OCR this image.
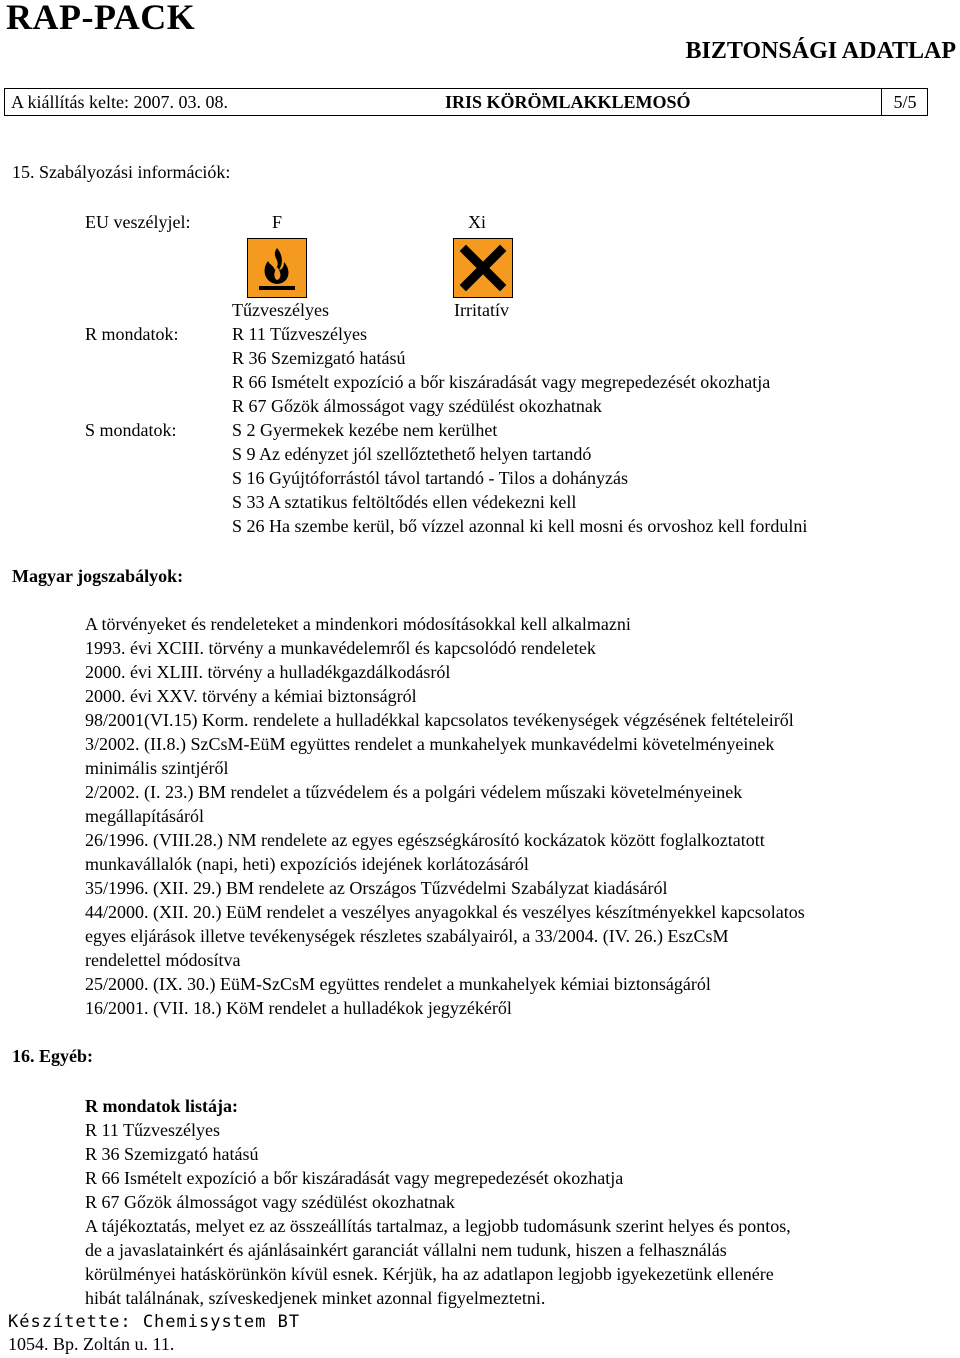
RAP-PACK
BIZTONSÁGI ADATLAP
A kiállítás kelte: 2007. 03. 08.	IRIS KÖRÖMLAKKLEMOSÓ	5/5
15. Szabályozási információk:
EU veszélyjel:	F	Xi
Tűzveszélyes	Irritatív
R mondatok:	R 11 Tűzveszélyes
R 36 Szemizgató hatású
R 66 Ismételt expozíció a bőr kiszáradását vagy megrepedezését okozhatja
R 67 Gőzök álmosságot vagy szédülést okozhatnak
S mondatok:	S 2 Gyermekek kezébe nem kerülhet
S 9 Az edényzet jól szellőztethető helyen tartandó
S 16 Gyújtóforrástól távol tartandó - Tilos a dohányzás
S 33 A sztatikus feltöltődés ellen védekezni kell
S 26 Ha szembe kerül, bő vízzel azonnal ki kell mosni és orvoshoz kell fordulni
Magyar jogszabályok:
A törvényeket és rendeleteket a mindenkori módosításokkal kell alkalmazni
1993. évi XCIII. törvény a munkavédelemről és kapcsolódó rendeletek
2000. évi XLIII. törvény a hulladékgazdálkodásról
2000. évi XXV. törvény a kémiai biztonságról
98/2001(VI.15) Korm. rendelete a hulladékkal kapcsolatos tevékenységek végzésének feltételeiről
3/2002. (II.8.) SzCsM-EüM együttes rendelet a munkahelyek munkavédelmi követelményeinek
minimális szintjéről
2/2002. (I. 23.) BM rendelet a tűzvédelem és a polgári védelem műszaki követelményeinek
megállapításáról
26/1996. (VIII.28.) NM rendelete az egyes egészségkárosító kockázatok között foglalkoztatott
munkavállalók (napi, heti) expozíciós idejének korlátozásáról
35/1996. (XII. 29.) BM rendelete az Országos Tűzvédelmi Szabályzat kiadásáról
44/2000. (XII. 20.) EüM rendelet a veszélyes anyagokkal és veszélyes készítményekkel kapcsolatos
egyes eljárások illetve tevékenységek részletes szabályairól, a 33/2004. (IV. 26.) EszCsM
rendelettel módosítva
25/2000. (IX. 30.) EüM-SzCsM együttes rendelet a munkahelyek kémiai biztonságáról
16/2001. (VII. 18.) KöM rendelet a hulladékok jegyzékéről
16. Egyéb:
R mondatok listája:
R 11 Tűzveszélyes
R 36 Szemizgató hatású
R 66 Ismételt expozíció a bőr kiszáradását vagy megrepedezését okozhatja
R 67 Gőzök álmosságot vagy szédülést okozhatnak
A tájékoztatás, melyet ez az összeállítás tartalmaz, a legjobb tudomásunk szerint helyes és pontos,
de a javaslatainkért és ajánlásainkért garanciát vállalni nem tudunk, hiszen a felhasználás
körülményei hatáskörünkön kívül esnek. Kérjük, ha az adatlapon legjobb igyekezetünk ellenére
hibát találnának, szíveskedjenek minket azonnal figyelmeztetni.
Készítette: Chemisystem BT
1054. Bp. Zoltán u. 11.
